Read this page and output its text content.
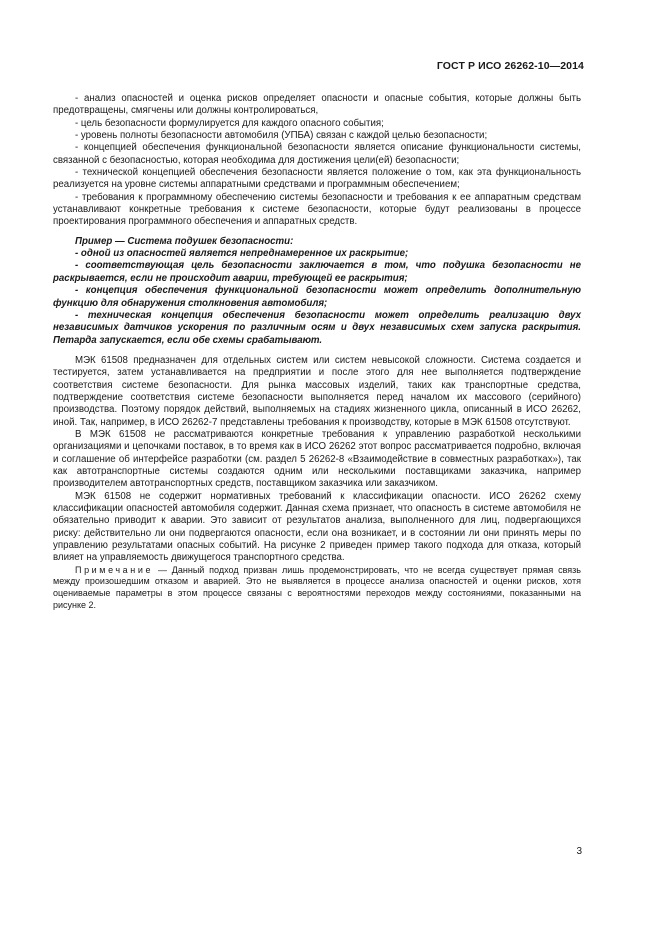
ГОСТ Р ИСО 26262-10—2014

- анализ опасностей и оценка рисков определяет опасности и опасные события, которые должны быть предотвращены, смягчены или должны контролироваться,

- цель безопасности формулируется для каждого опасного события;

- уровень полноты безопасности автомобиля (УПБА) связан с каждой целью безопасности;

- концепцией обеспечения функциональной безопасности является описание функциональности системы, связанной с безопасностью, которая необходима для достижения цели(ей) безопасности;

- технической концепцией обеспечения безопасности является положение о том, как эта функциональность реализуется на уровне системы аппаратными средствами и программным обеспечением;

- требования к программному обеспечению системы безопасности и требования к ее аппаратным средствам устанавливают конкретные требования к системе безопасности, которые будут реализованы в процессе проектирования программного обеспечения и аппаратных средств.

Пример — Система подушек безопасности:

- одной из опасностей является непреднамеренное их раскрытие;

- соответствующая цель безопасности заключается в том, что подушка безопасности не раскрывается, если не происходит аварии, требующей ее раскрытия;

- концепция обеспечения функциональной безопасности может определить дополнительную функцию для обнаружения столкновения автомобиля;

- техническая концепция обеспечения безопасности может определить реализацию двух независимых датчиков ускорения по различным осям и двух независимых схем запуска раскрытия. Петарда запускается, если обе схемы срабатывают.

МЭК 61508 предназначен для отдельных систем или систем невысокой сложности. Система создается и тестируется, затем устанавливается на предприятии и после этого для нее выполняется подтверждение соответствия системе безопасности. Для рынка массовых изделий, таких как транспортные средства, подтверждение соответствия системе безопасности выполняется перед началом их массового (серийного) производства. Поэтому порядок действий, выполняемых на стадиях жизненного цикла, описанный в ИСО 26262, иной. Так, например, в ИСО 26262-7 представлены требования к производству, которые в МЭК 61508 отсутствуют.

В МЭК 61508 не рассматриваются конкретные требования к управлению разработкой несколькими организациями и цепочками поставок, в то время как в ИСО 26262 этот вопрос рассматривается подробно, включая и соглашение об интерфейсе разработки (см. раздел 5 26262-8 «Взаимодействие в совместных разработках»), так как автотранспортные системы создаются одним или несколькими поставщиками заказчика, например производителем автотранспортных средств, поставщиком заказчика или заказчиком.

МЭК 61508 не содержит нормативных требований к классификации опасности. ИСО 26262 схему классификации опасностей автомобиля содержит. Данная схема признает, что опасность в системе автомобиля не обязательно приводит к аварии. Это зависит от результатов анализа, выполненного для лиц, подвергающихся риску: действительно ли они подвергаются опасности, если она возникает, и в состоянии ли они принять меры по управлению результатами опасных событий. На рисунке 2 приведен пример такого подхода для отказа, который влияет на управляемость движущегося транспортного средства.

Примечание — Данный подход призван лишь продемонстрировать, что не всегда существует прямая связь между произошедшим отказом и аварией. Это не выявляется в процессе анализа опасностей и оценки рисков, хотя оцениваемые параметры в этом процессе связаны с вероятностями переходов между состояниями, показанными на рисунке 2.

3
